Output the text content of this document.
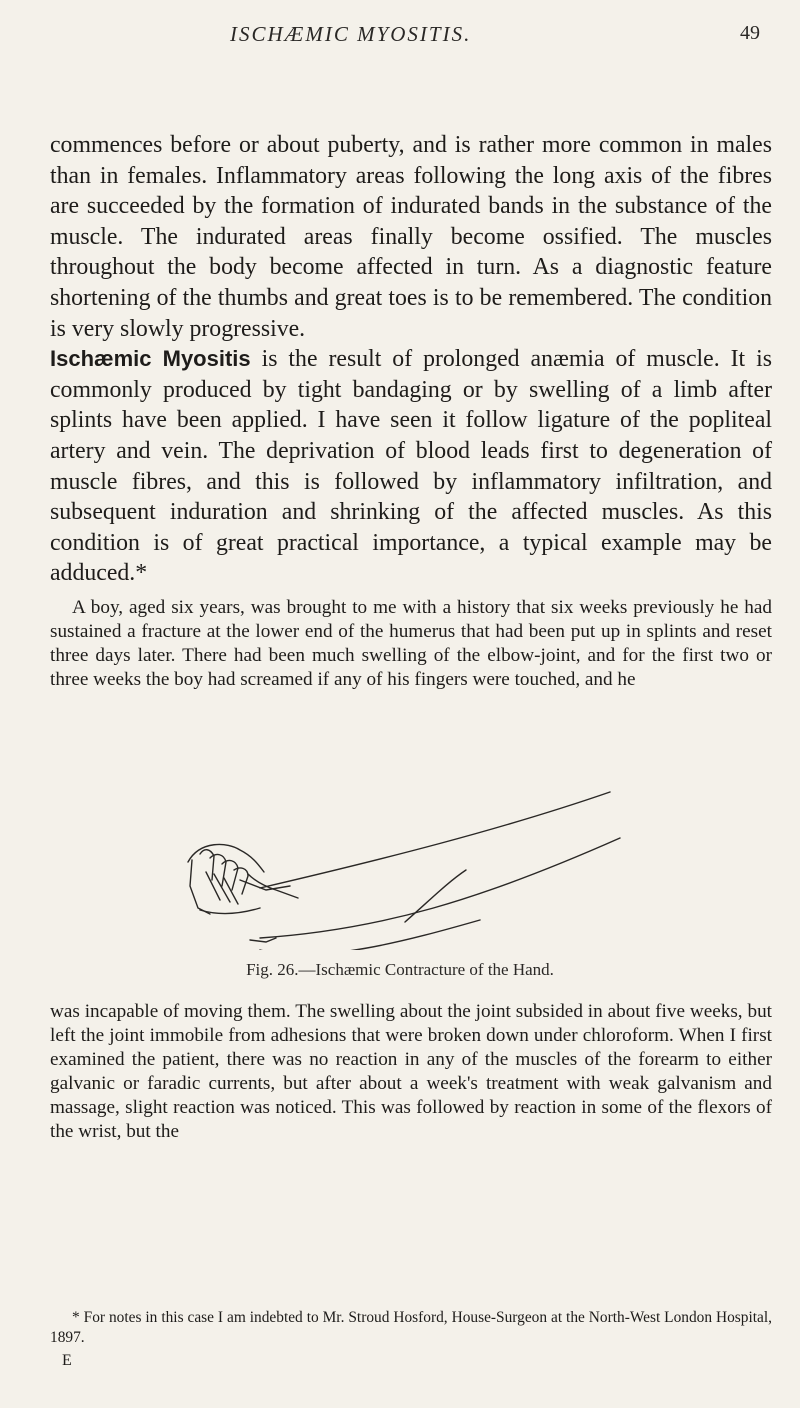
ISCHÆMIC MYOSITIS.	49

commences before or about puberty, and is rather more common in males than in females. Inflammatory areas following the long axis of the fibres are succeeded by the formation of indurated bands in the substance of the muscle. The indurated areas finally become ossified. The muscles throughout the body become affected in turn. As a diagnostic feature shortening of the thumbs and great toes is to be remembered. The condition is very slowly progressive.

Ischæmic Myositis is the result of prolonged anæmia of muscle. It is commonly produced by tight bandaging or by swelling of a limb after splints have been applied. I have seen it follow ligature of the popliteal artery and vein. The deprivation of blood leads first to degeneration of muscle fibres, and this is followed by inflammatory infiltration, and subsequent induration and shrinking of the affected muscles. As this condition is of great practical importance, a typical example may be adduced.*

A boy, aged six years, was brought to me with a history that six weeks previously he had sustained a fracture at the lower end of the humerus that had been put up in splints and reset three days later. There had been much swelling of the elbow-joint, and for the first two or three weeks the boy had screamed if any of his fingers were touched, and he

Fig. 26.—Ischæmic Contracture of the Hand.

was incapable of moving them. The swelling about the joint subsided in about five weeks, but left the joint immobile from adhesions that were broken down under chloroform. When I first examined the patient, there was no reaction in any of the muscles of the forearm to either galvanic or faradic currents, but after about a week's treatment with weak galvanism and massage, slight reaction was noticed. This was followed by reaction in some of the flexors of the wrist, but the

* For notes in this case I am indebted to Mr. Stroud Hosford, House-Surgeon at the North-West London Hospital, 1897.

E
